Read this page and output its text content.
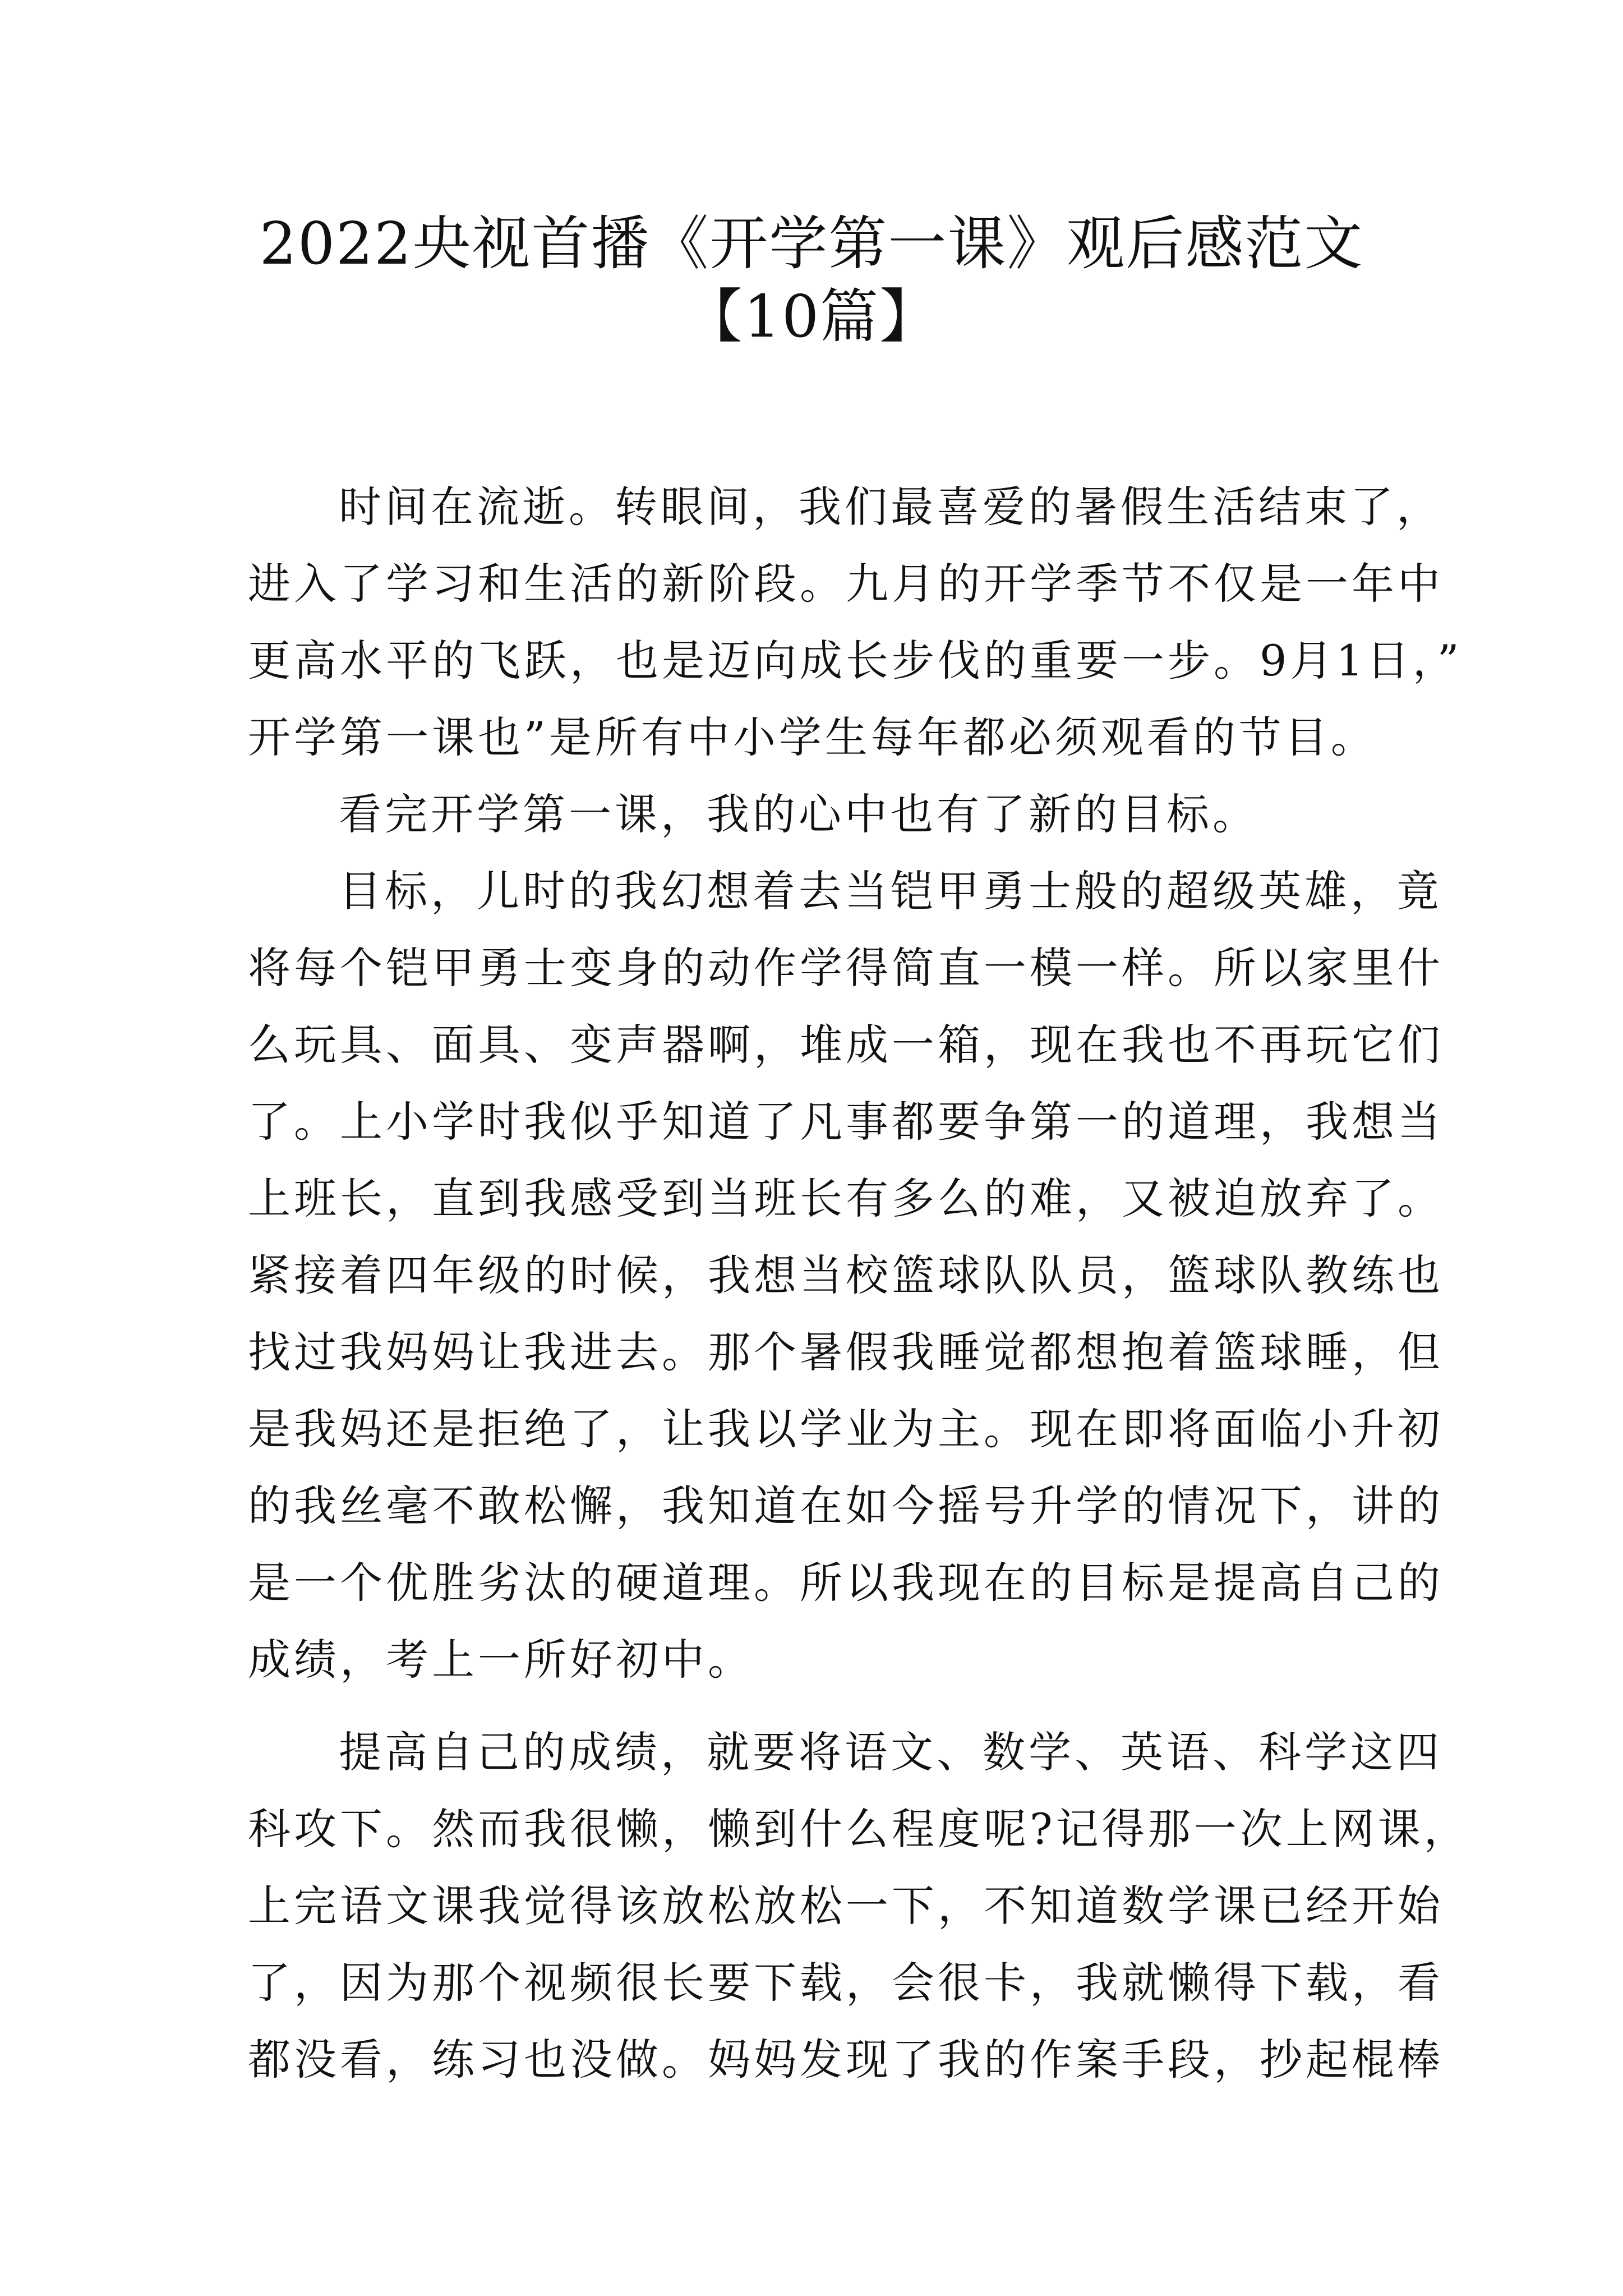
2022央视首播《开学第一课》观后感范文
【10篇】
时间在流逝。转眼间，我们最喜爱的暑假生活结束了，
进入了学习和生活的新阶段。九月的开学季节不仅是一年中
更高水平的飞跃，也是迈向成长步伐的重要一步。9月1日，”
开学第一课也”是所有中小学生每年都必须观看的节目。
看完开学第一课，我的心中也有了新的目标。
目标，儿时的我幻想着去当铠甲勇士般的超级英雄，竟
将每个铠甲勇士变身的动作学得简直一模一样。所以家里什
么玩具、面具、变声器啊，堆成一箱，现在我也不再玩它们
了。上小学时我似乎知道了凡事都要争第一的道理，我想当
上班长，直到我感受到当班长有多么的难，又被迫放弃了。
紧接着四年级的时候，我想当校篮球队队员，篮球队教练也
找过我妈妈让我进去。那个暑假我睡觉都想抱着篮球睡，但
是我妈还是拒绝了，让我以学业为主。现在即将面临小升初
的我丝毫不敢松懈，我知道在如今摇号升学的情况下，讲的
是一个优胜劣汰的硬道理。所以我现在的目标是提高自己的
成绩，考上一所好初中。
提高自己的成绩，就要将语文、数学、英语、科学这四
科攻下。然而我很懒，懒到什么程度呢?记得那一次上网课，
上完语文课我觉得该放松放松一下，不知道数学课已经开始
了，因为那个视频很长要下载，会很卡，我就懒得下载，看
都没看，练习也没做。妈妈发现了我的作案手段，抄起棍棒
